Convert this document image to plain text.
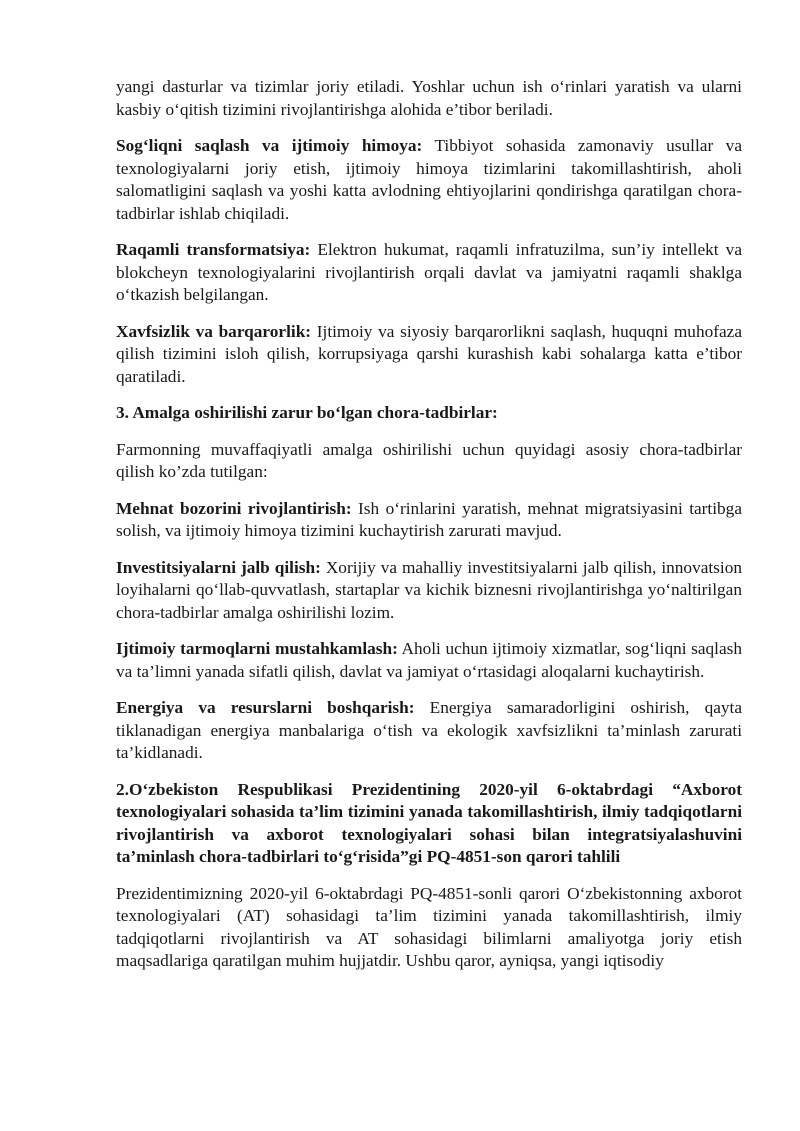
yangi dasturlar va tizimlar joriy etiladi. Yoshlar uchun ish o‘rinlari yaratish va ularni kasbiy o‘qitish tizimini rivojlantirishga alohida e’tibor beriladi.

Sog‘liqni saqlash va ijtimoiy himoya: Tibbiyot sohasida zamonaviy usullar va texnologiyalarni joriy etish, ijtimoiy himoya tizimlarini takomillashtirish, aholi salomatligini saqlash va yoshi katta avlodning ehtiyojlarini qondirishga qaratilgan chora-tadbirlar ishlab chiqiladi.

Raqamli transformatsiya: Elektron hukumat, raqamli infratuzilma, sun’iy intellekt va blokcheyn texnologiyalarini rivojlantirish orqali davlat va jamiyatni raqamli shaklga o‘tkazish belgilangan.

Xavfsizlik va barqarorlik: Ijtimoiy va siyosiy barqarorlikni saqlash, huquqni muhofaza qilish tizimini isloh qilish, korrupsiyaga qarshi kurashish kabi sohalarga katta e’tibor qaratiladi.

3. Amalga oshirilishi zarur bo‘lgan chora-tadbirlar:

Farmonning muvaffaqiyatli amalga oshirilishi uchun quyidagi asosiy chora-tadbirlar qilish ko’zda tutilgan:

Mehnat bozorini rivojlantirish: Ish o‘rinlarini yaratish, mehnat migratsiyasini tartibga solish, va ijtimoiy himoya tizimini kuchaytirish zarurati mavjud.

Investitsiyalarni jalb qilish: Xorijiy va mahalliy investitsiyalarni jalb qilish, innovatsion loyihalarni qo‘llab-quvvatlash, startaplar va kichik biznesni rivojlantirishga yo‘naltirilgan chora-tadbirlar amalga oshirilishi lozim.

Ijtimoiy tarmoqlarni mustahkamlash: Aholi uchun ijtimoiy xizmatlar, sog‘liqni saqlash va ta’limni yanada sifatli qilish, davlat va jamiyat o‘rtasidagi aloqalarni kuchaytirish.

Energiya va resurslarni boshqarish: Energiya samaradorligini oshirish, qayta tiklanadigan energiya manbalariga o‘tish va ekologik xavfsizlikni ta’minlash zarurati ta’kidlanadi.

2.O‘zbekiston Respublikasi Prezidentining 2020-yil 6-oktabrdagi “Axborot texnologiyalari sohasida ta’lim tizimini yanada takomillashtirish, ilmiy tadqiqotlarni rivojlantirish va axborot texnologiyalari sohasi bilan integratsiyalashuvini ta’minlash chora-tadbirlari to‘g‘risida”gi PQ-4851-son qarori tahlili

Prezidentimizning 2020-yil 6-oktabrdagi PQ-4851-sonli qarori O‘zbekistonning axborot texnologiyalari (AT) sohasidagi ta’lim tizimini yanada takomillashtirish, ilmiy tadqiqotlarni rivojlantirish va AT sohasidagi bilimlarni amaliyotga joriy etish maqsadlariga qaratilgan muhim hujjatdir. Ushbu qaror, ayniqsa, yangi iqtisodiy
